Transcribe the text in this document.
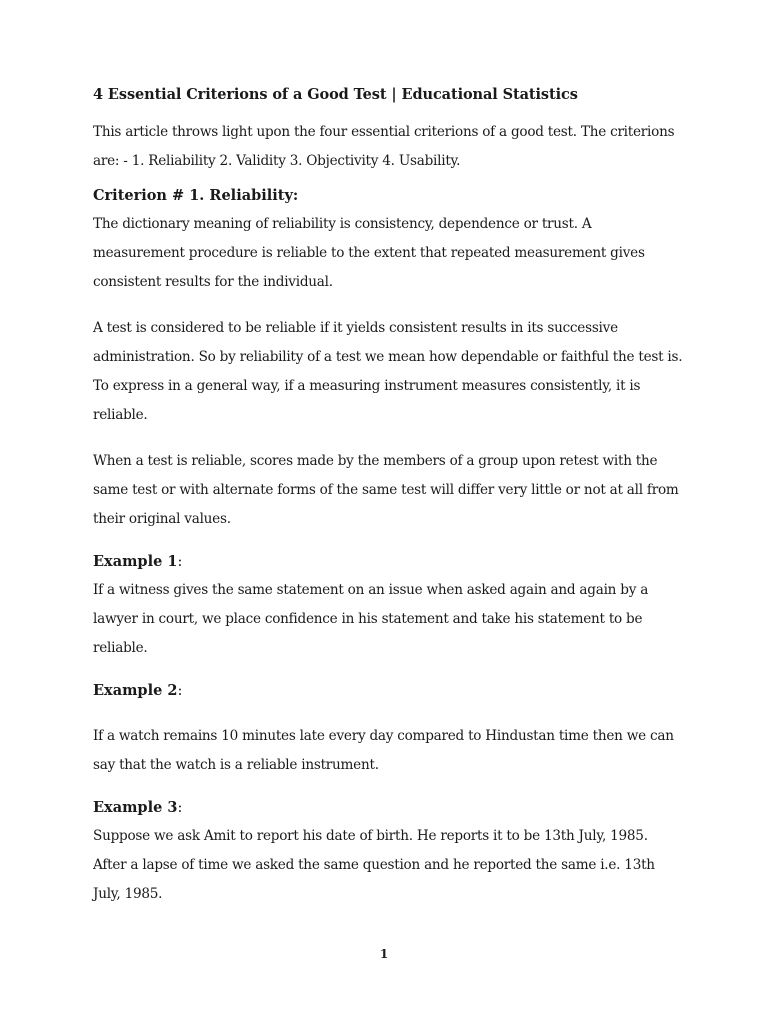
4 Essential Criterions of a Good Test | Educational Statistics

This article throws light upon the four essential criterions of a good test. The criterions are: - 1. Reliability 2. Validity 3. Objectivity 4. Usability.

Criterion # 1. Reliability:

The dictionary meaning of reliability is consistency, dependence or trust. A measurement procedure is reliable to the extent that repeated measurement gives consistent results for the individual.

A test is considered to be reliable if it yields consistent results in its successive administration. So by reliability of a test we mean how dependable or faithful the test is. To express in a general way, if a measuring instrument measures consistently, it is reliable.

When a test is reliable, scores made by the members of a group upon retest with the same test or with alternate forms of the same test will differ very little or not at all from their original values.

Example 1:

If a witness gives the same statement on an issue when asked again and again by a lawyer in court, we place confidence in his statement and take his statement to be reliable.

Example 2:

If a watch remains 10 minutes late every day compared to Hindustan time then we can say that the watch is a reliable instrument.

Example 3:

Suppose we ask Amit to report his date of birth. He reports it to be 13th July, 1985. After a lapse of time we asked the same question and he reported the same i.e. 13th July, 1985.

1
